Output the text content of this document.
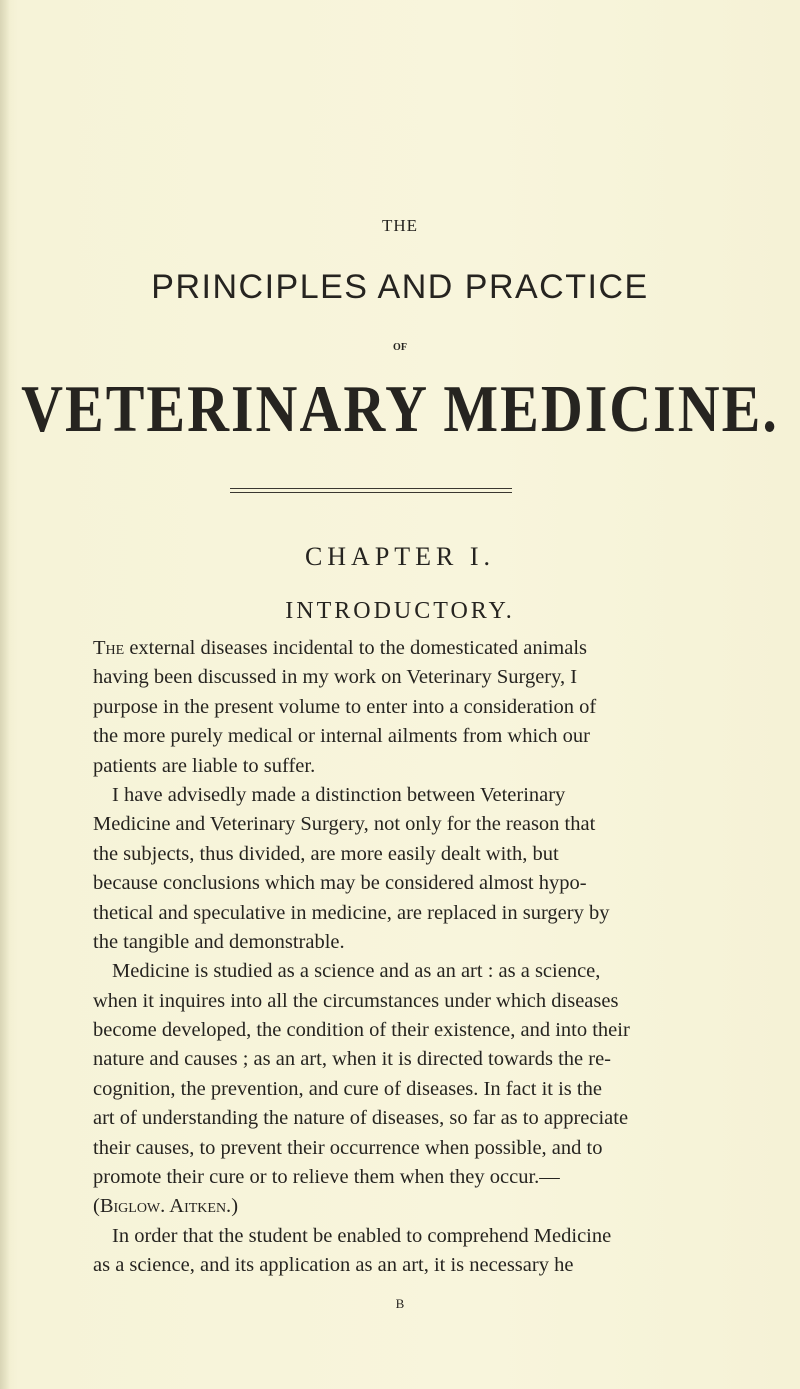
THE
PRINCIPLES AND PRACTICE
OF
VETERINARY MEDICINE.
CHAPTER I.
INTRODUCTORY.
The external diseases incidental to the domesticated animals
having been discussed in my work on Veterinary Surgery, I
purpose in the present volume to enter into a consideration of
the more purely medical or internal ailments from which our
patients are liable to suffer.
I have advisedly made a distinction between Veterinary
Medicine and Veterinary Surgery, not only for the reason that
the subjects, thus divided, are more easily dealt with, but
because conclusions which may be considered almost hypo-
thetical and speculative in medicine, are replaced in surgery by
the tangible and demonstrable.
Medicine is studied as a science and as an art : as a science,
when it inquires into all the circumstances under which diseases
become developed, the condition of their existence, and into their
nature and causes ; as an art, when it is directed towards the re-
cognition, the prevention, and cure of diseases. In fact it is the
art of understanding the nature of diseases, so far as to appreciate
their causes, to prevent their occurrence when possible, and to
promote their cure or to relieve them when they occur.—
(Biglow. Aitken.)
In order that the student be enabled to comprehend Medicine
as a science, and its application as an art, it is necessary he
B
